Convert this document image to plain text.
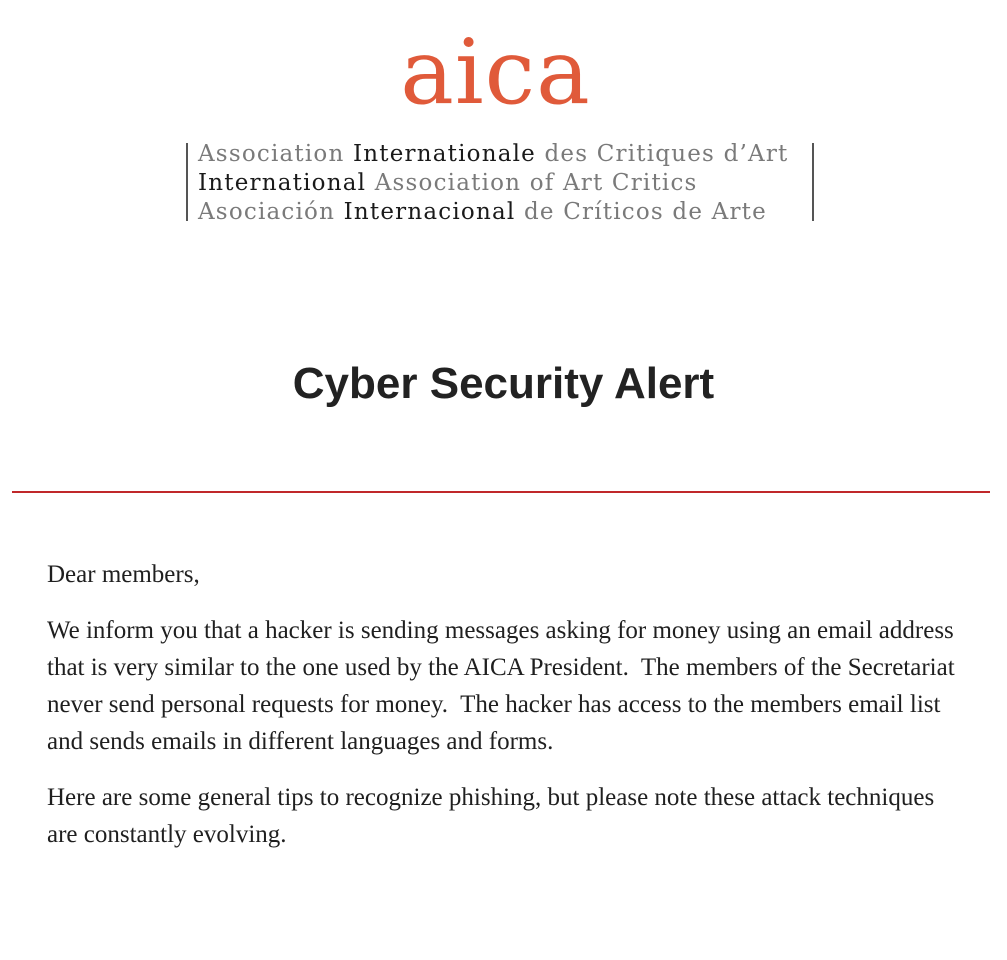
aica
Association Internationale des Critiques d’Art
International Association of Art Critics
Asociación Internacional de Críticos de Arte
Cyber Security Alert

Dear members,

We inform you that a hacker is sending messages asking for money using an email address that is very similar to the one used by the AICA President.  The members of the Secretariat never send personal requests for money.  The hacker has access to the members email list and sends emails in different languages and forms.

Here are some general tips to recognize phishing, but please note these attack techniques are constantly evolving.
